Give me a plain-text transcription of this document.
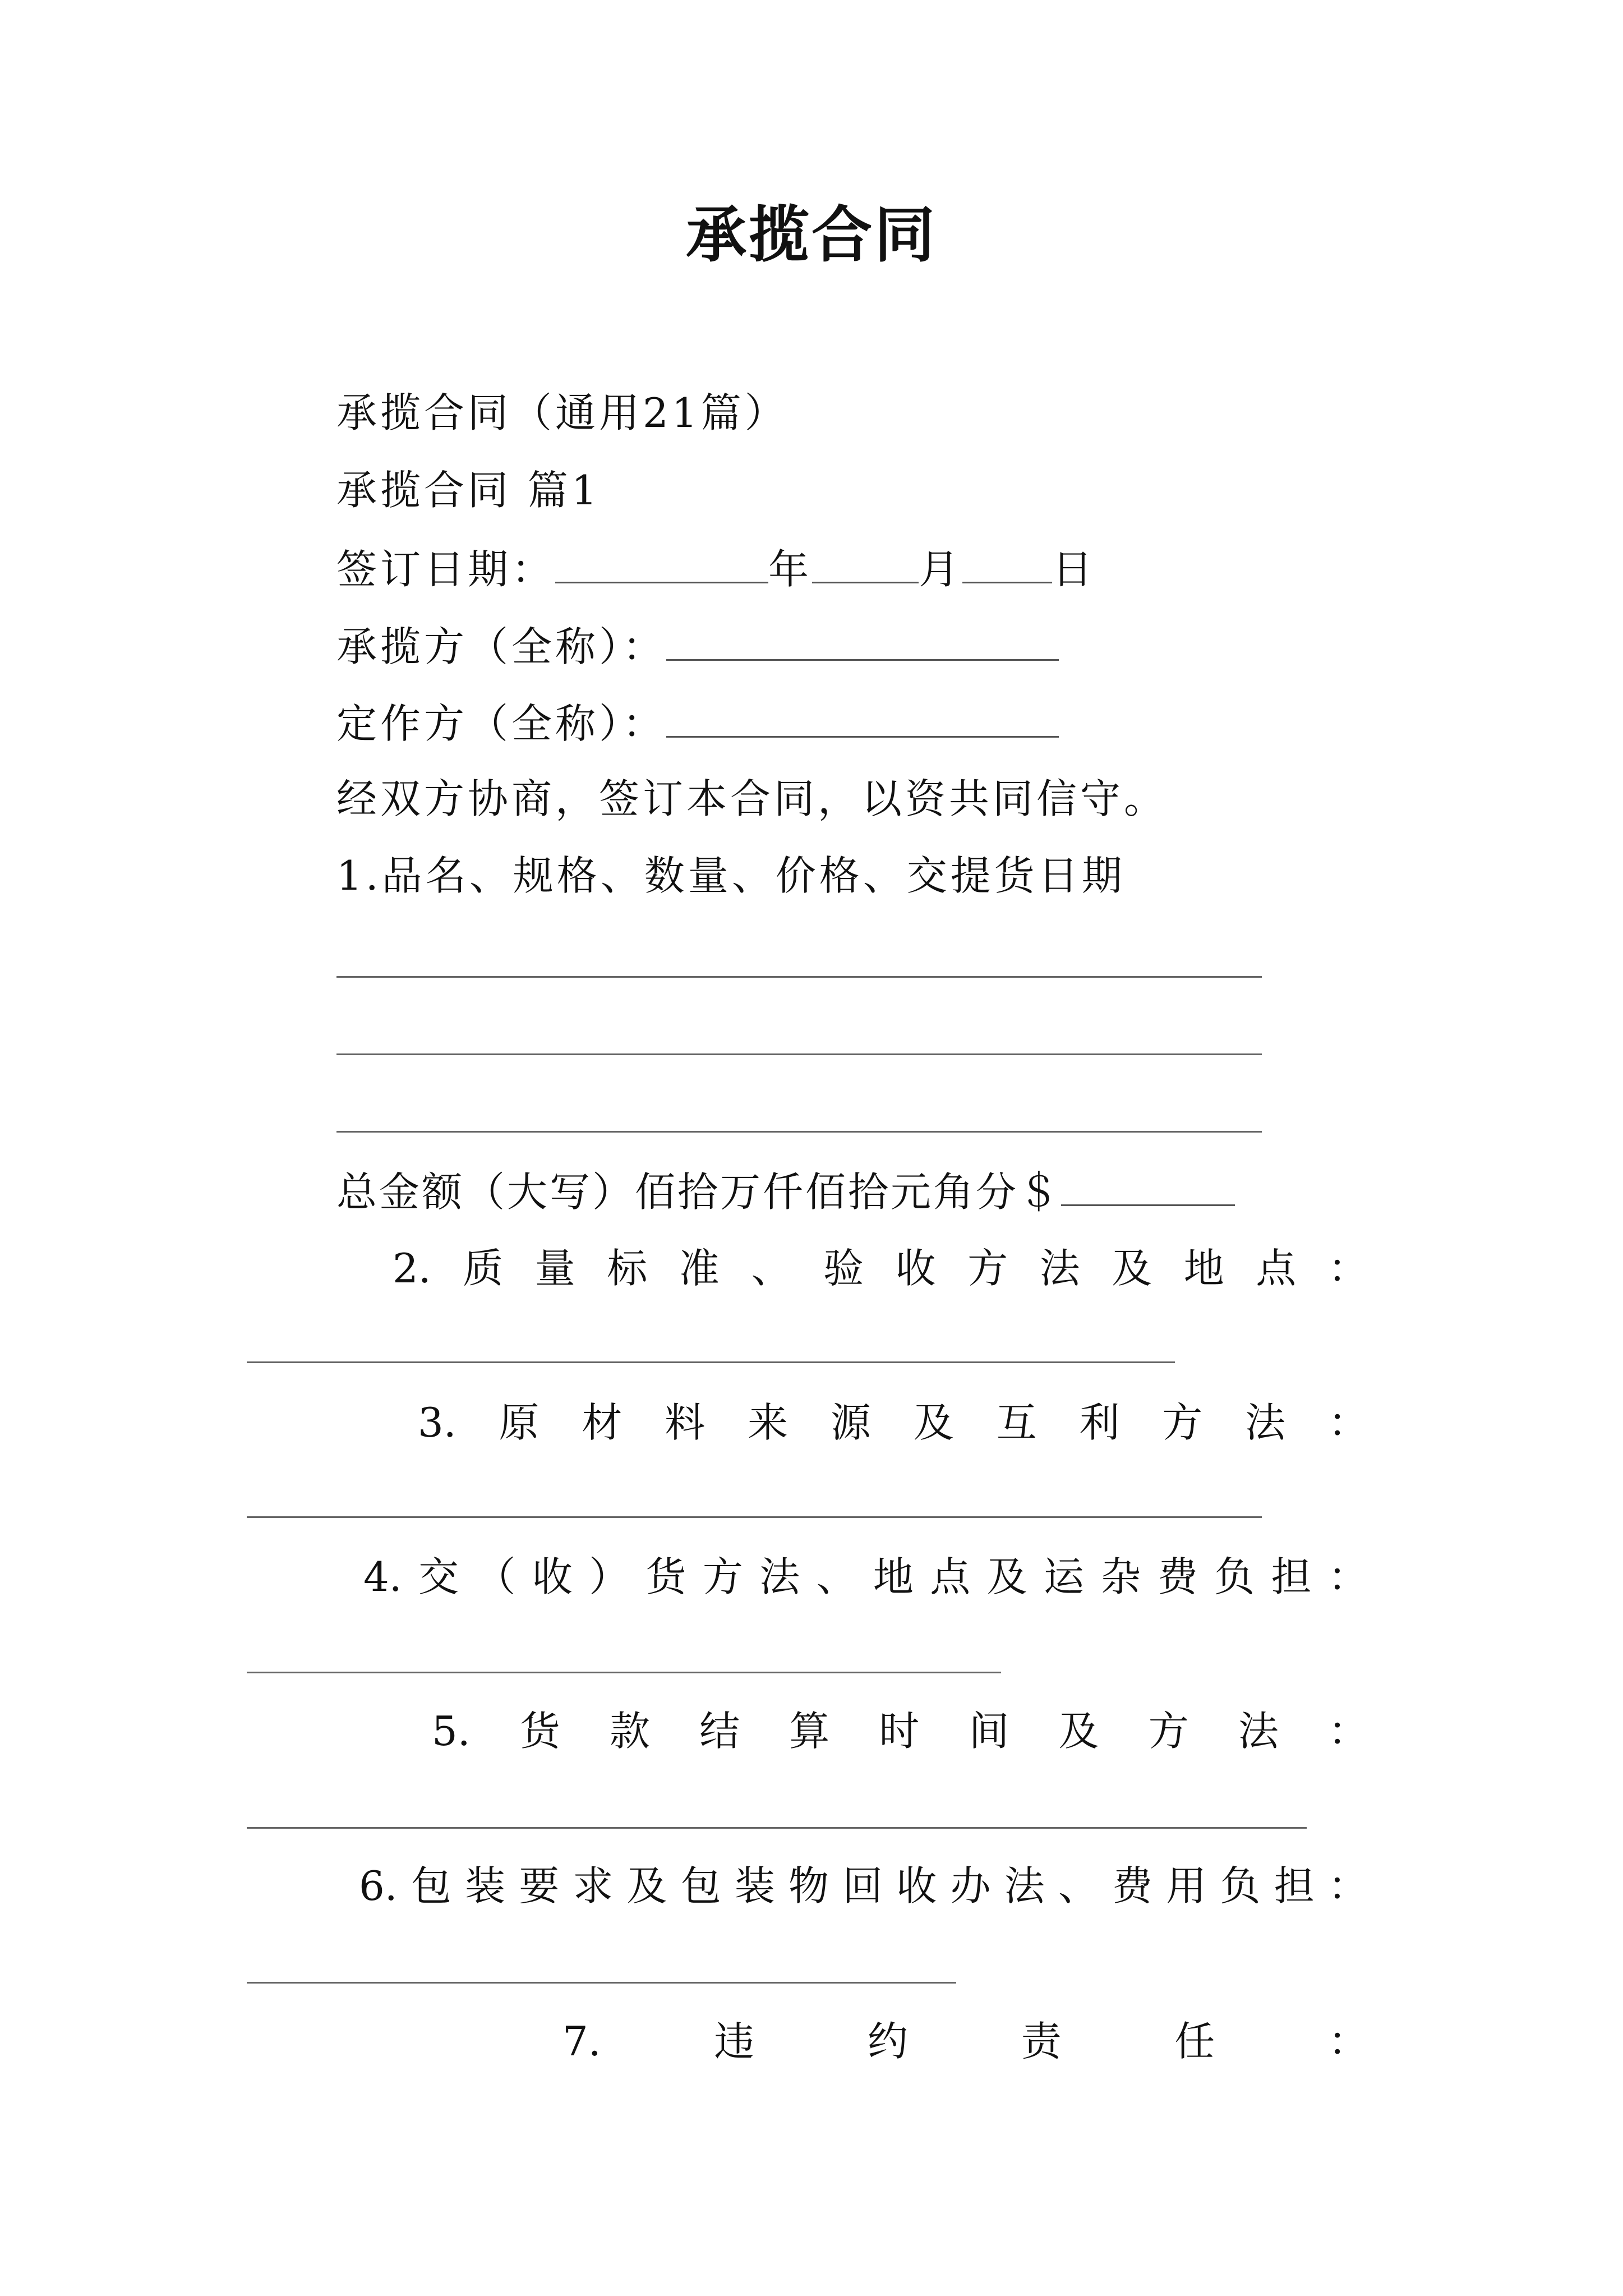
承揽合同

承揽合同（通用21篇）

承揽合同 篇1

签订日期：	年	月 日

承揽方（全称）：

定作方（全称）：

经双方协商，签订本合同，以资共同信守。

1.品名、规格、数量、价格、交提货日期

总金额（大写）佰拾万仟佰拾元角分＄

2. 质 量 标 准 、 验 收 方 法 及 地 点 ：
3. 原 材 料 来 源 及 互 利 方 法 ：
4. 交 （ 收 ） 货 方 法 、 地 点 及 运 杂 费 负 担 ：
5. 货 款 结 算 时 间 及 方 法 ：
6. 包 装 要 求 及 包 装 物 回 收 办 法 、 费 用 负 担 ：
7.	违	约	责	任	：
